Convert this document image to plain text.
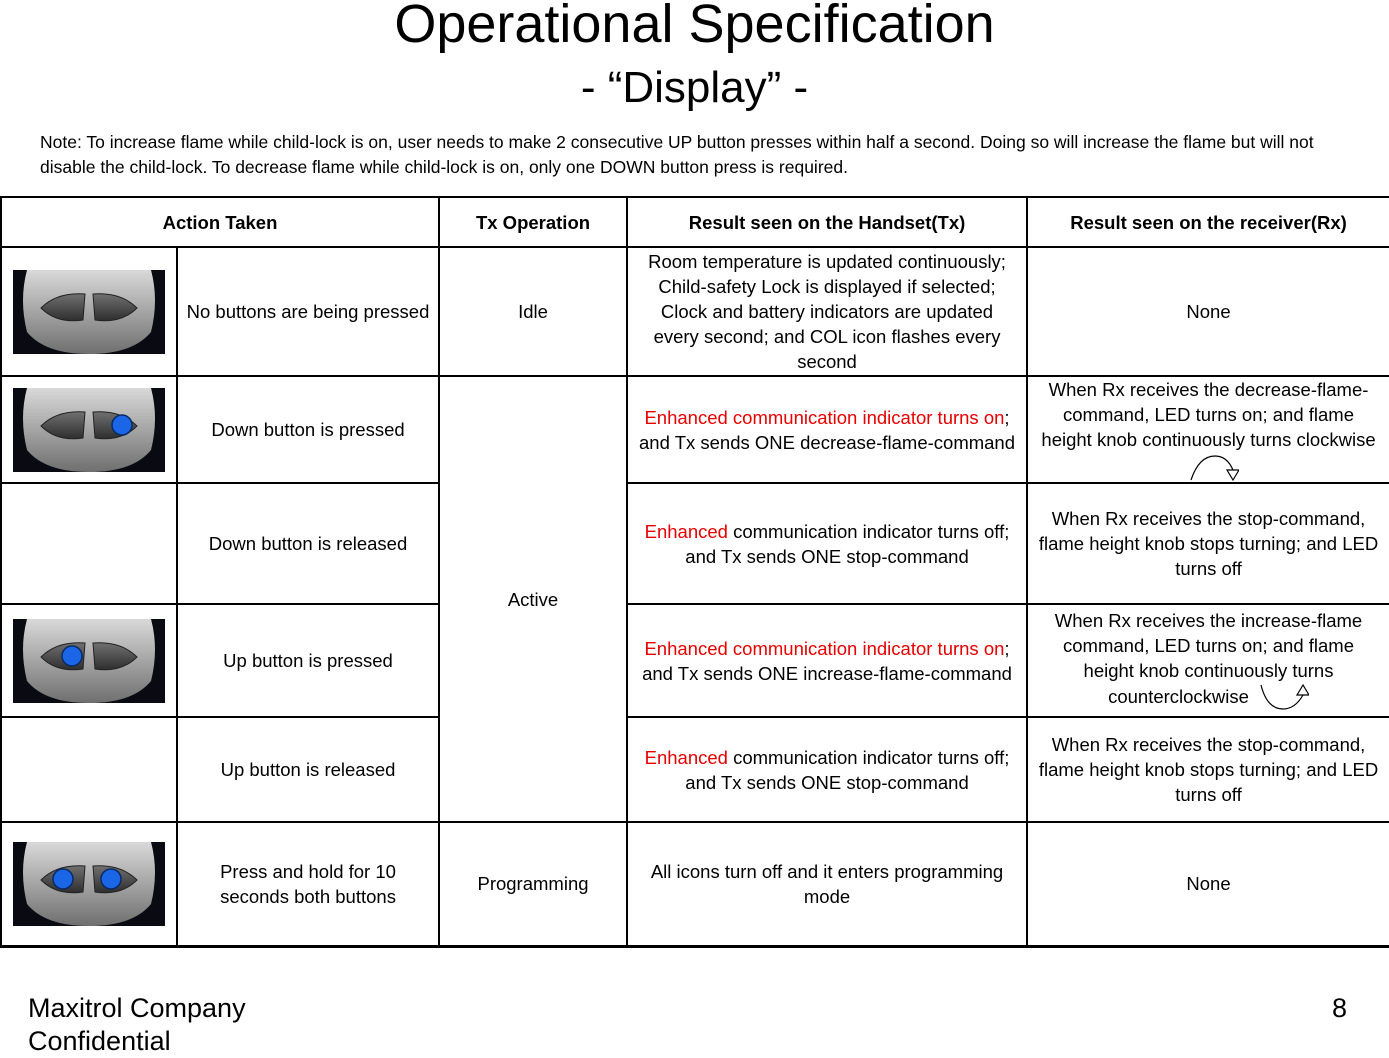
Operational Specification
- “Display” -
Note: To increase flame while child-lock is on, user needs to make 2 consecutive UP button presses within half a second. Doing so will increase the flame but will not disable the child-lock. To decrease flame while child-lock is on, only one DOWN button press is required.
Action Taken		Tx Operation	Result seen on the Handset(Tx)	Result seen on the receiver(Rx)

	No buttons are being pressed	Idle	Room temperature is updated continuously; Child-safety Lock is displayed if selected; Clock and battery indicators are updated every second; and COL icon flashes every second	None

	Down button is pressed	Active	Enhanced communication indicator turns on; and Tx sends ONE decrease-flame-command	When Rx receives the decrease-flame-command, LED turns on; and flame height knob continuously turns clockwise
	Down button is released		Enhanced communication indicator turns off; and Tx sends ONE stop-command	When Rx receives the stop-command, flame height knob stops turning; and LED turns off

	Up button is pressed		Enhanced communication indicator turns on; and Tx sends ONE increase-flame-command	When Rx receives the increase-flame command, LED turns on; and flame height knob continuously turns counterclockwise
	Up button is released		Enhanced communication indicator turns off; and Tx sends ONE stop-command	When Rx receives the stop-command, flame height knob stops turning; and LED turns off

	Press and hold for 10 seconds both buttons	Programming	All icons turn off and it enters programming mode	None
Maxitrol Company
Confidential
8
